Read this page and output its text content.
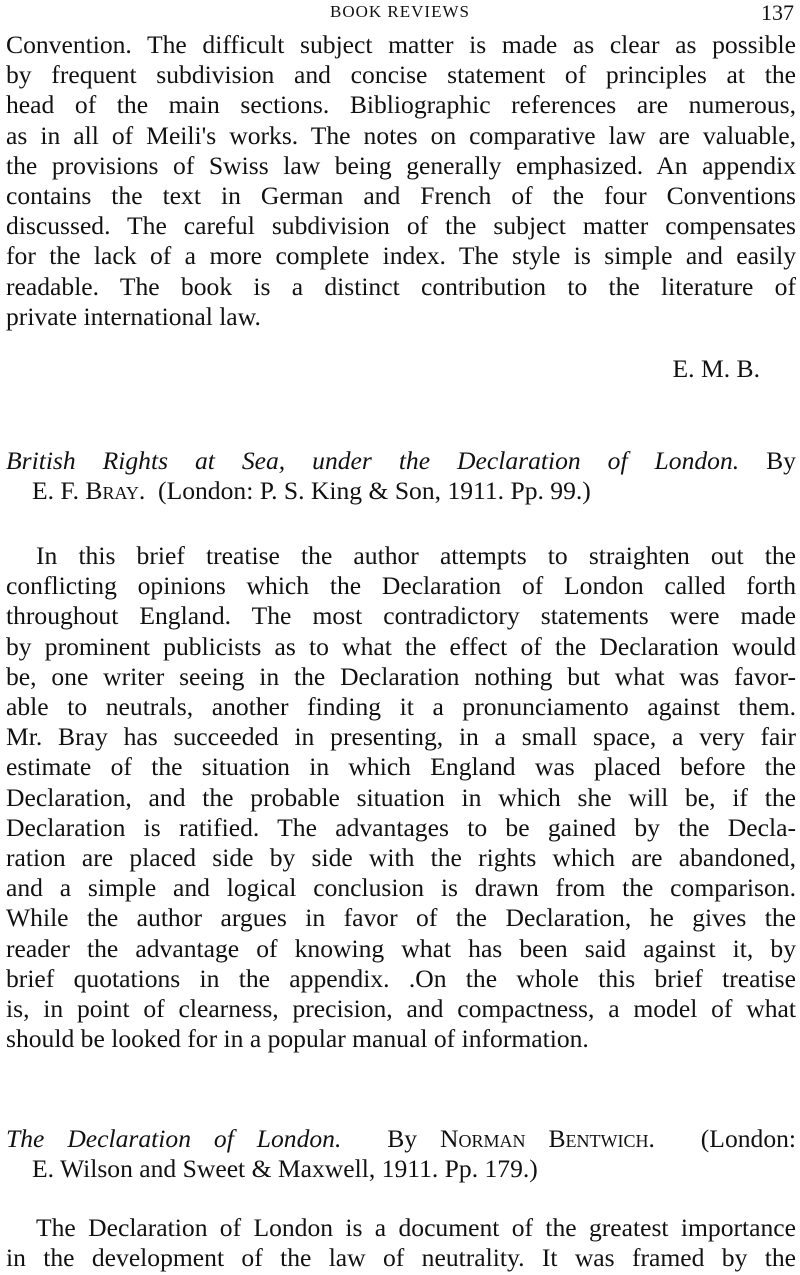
BOOK REVIEWS	137
Convention. The difficult subject matter is made as clear as possible
by frequent subdivision and concise statement of principles at the
head of the main sections. Bibliographic references are numerous,
as in all of Meili's works. The notes on comparative law are valuable,
the provisions of Swiss law being generally emphasized. An appendix
contains the text in German and French of the four Conventions
discussed. The careful subdivision of the subject matter compensates
for the lack of a more complete index. The style is simple and easily
readable. The book is a distinct contribution to the literature of
private international law.
E. M. B.
British Rights at Sea, under the Declaration of London. By
E. F. Bray. (London: P. S. King & Son, 1911. Pp. 99.)
In this brief treatise the author attempts to straighten out the
conflicting opinions which the Declaration of London called forth
throughout England. The most contradictory statements were made
by prominent publicists as to what the effect of the Declaration would
be, one writer seeing in the Declaration nothing but what was favor-
able to neutrals, another finding it a pronunciamento against them.
Mr. Bray has succeeded in presenting, in a small space, a very fair
estimate of the situation in which England was placed before the
Declaration, and the probable situation in which she will be, if the
Declaration is ratified. The advantages to be gained by the Decla-
ration are placed side by side with the rights which are abandoned,
and a simple and logical conclusion is drawn from the comparison.
While the author argues in favor of the Declaration, he gives the
reader the advantage of knowing what has been said against it, by
brief quotations in the appendix. .On the whole this brief treatise
is, in point of clearness, precision, and compactness, a model of what
should be looked for in a popular manual of information.
The Declaration of London. By Norman Bentwich. (London:
E. Wilson and Sweet & Maxwell, 1911. Pp. 179.)
The Declaration of London is a document of the greatest importance
in the development of the law of neutrality. It was framed by the
